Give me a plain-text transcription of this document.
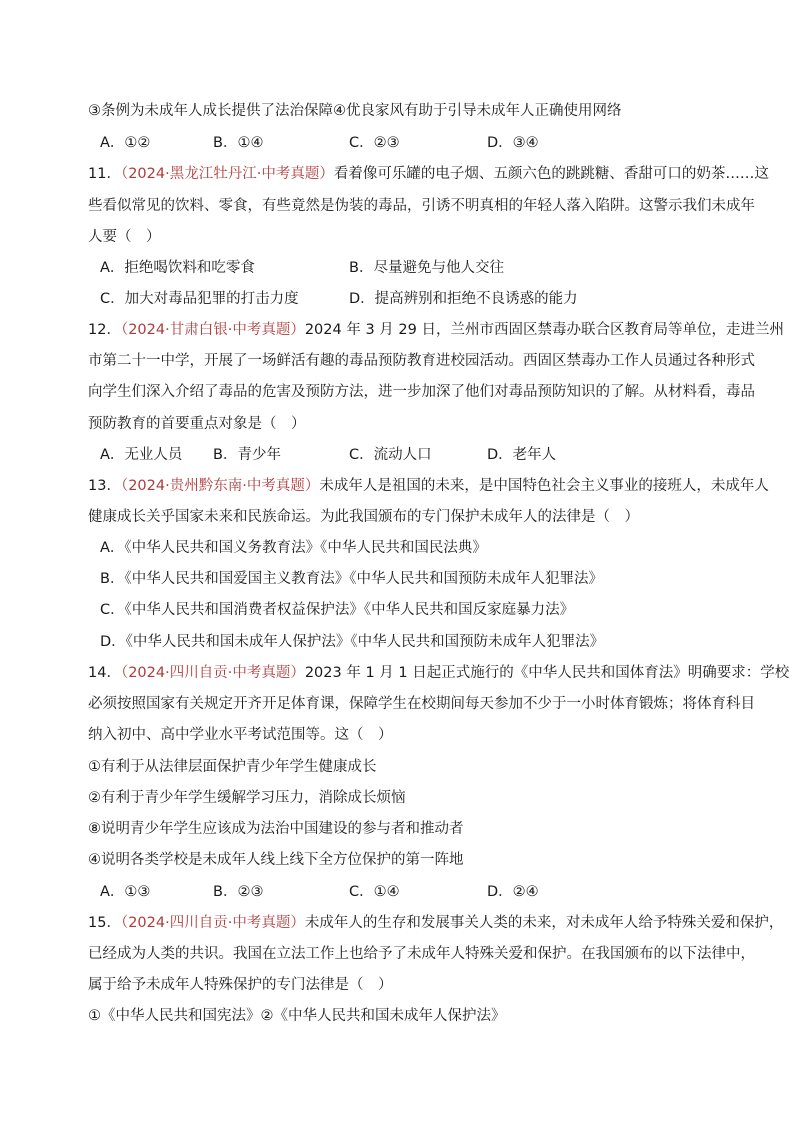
③条例为未成年人成长提供了法治保障④优良家风有助于引导未成年人正确使用网络
A．①②	B．①④	C．②③	D．③④
11．（2024·黑龙江牡丹江·中考真题）看着像可乐罐的电子烟、五颜六色的跳跳糖、香甜可口的奶茶……这
些看似常见的饮料、零食，有些竟然是伪装的毒品，引诱不明真相的年轻人落入陷阱。这警示我们未成年
人要（　）
A．拒绝喝饮料和吃零食	B．尽量避免与他人交往
C．加大对毒品犯罪的打击力度	D．提高辨别和拒绝不良诱惑的能力
12．（2024·甘肃白银·中考真题）2024 年 3 月 29 日，兰州市西固区禁毒办联合区教育局等单位，走进兰州
市第二十一中学，开展了一场鲜活有趣的毒品预防教育进校园活动。西固区禁毒办工作人员通过各种形式
向学生们深入介绍了毒品的危害及预防方法，进一步加深了他们对毒品预防知识的了解。从材料看，毒品
预防教育的首要重点对象是（　）
A．无业人员 B．青少年	C．流动人口	D．老年人
13．（2024·贵州黔东南·中考真题）未成年人是祖国的未来，是中国特色社会主义事业的接班人，未成年人
健康成长关乎国家未来和民族命运。为此我国颁布的专门保护未成年人的法律是（　）
A．《中华人民共和国义务教育法》《中华人民共和国民法典》
B．《中华人民共和国爱国主义教育法》《中华人民共和国预防未成年人犯罪法》
C．《中华人民共和国消费者权益保护法》《中华人民共和国反家庭暴力法》
D．《中华人民共和国未成年人保护法》《中华人民共和国预防未成年人犯罪法》
14．（2024·四川自贡·中考真题）2023 年 1 月 1 日起正式施行的《中华人民共和国体育法》明确要求：学校
必须按照国家有关规定开齐开足体育课，保障学生在校期间每天参加不少于一小时体育锻炼；将体育科目
纳入初中、高中学业水平考试范围等。这（　）
①有利于从法律层面保护青少年学生健康成长
②有利于青少年学生缓解学习压力，消除成长烦恼
⑧说明青少年学生应该成为法治中国建设的参与者和推动者
④说明各类学校是未成年人线上线下全方位保护的第一阵地
A．①③	B．②③	C．①④	D．②④
15．（2024·四川自贡·中考真题）未成年人的生存和发展事关人类的未来，对未成年人给予特殊关爱和保护，
已经成为人类的共识。我国在立法工作上也给予了未成年人特殊关爱和保护。在我国颁布的以下法律中，
属于给予未成年人特殊保护的专门法律是（　）
①《中华人民共和国宪法》②《中华人民共和国未成年人保护法》
